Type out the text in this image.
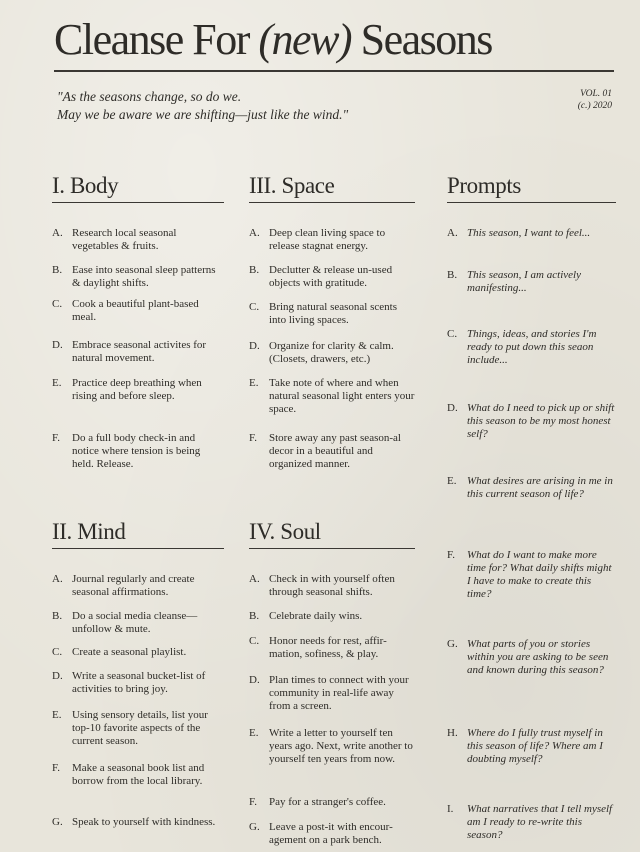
Cleanse For (new) Seasons
"As the seasons change, so do we.
May we be aware we are shifting—just like the wind."
VOL. 01
(c.) 2020
I. Body
A. Research local seasonal vegetables & fruits.
B. Ease into seasonal sleep patterns & daylight shifts.
C. Cook a beautiful plant-based meal.
D. Embrace seasonal activites for natural movement.
E. Practice deep breathing when rising and before sleep.
F.	Do a full body check-in and notice where tension is being held. Release.
III. Space
A. Deep clean living space to release stagnat energy.
B. Declutter & release un-used objects with gratitude.
C. Bring natural seasonal scents into living spaces.
D. Organize for clarity & calm. (Closets, drawers, etc.)
E. Take note of where and when natural seasonal light enters your space.
F.	Store away any past season-al decor in a beautiful and organized manner.
Prompts
A. This season, I want to feel...
B. This season, I am actively manifesting...
C. Things, ideas, and stories I'm ready to put down this seaon include...
D. What do I need to pick up or shift this season to be my most honest self?
E. What desires are arising in me in this current season of life?
F.	What do I want to make more time for? What daily shifts might I have to make to create this time?
G. What parts of you or stories within you are asking to be seen and known during this season?
H. Where do I fully trust myself in this season of life? Where am I doubting myself?
I.	What narratives that I tell myself am I ready to re-write this season?
II. Mind
A. Journal regularly and create seasonal affirmations.
B. Do a social media cleanse—unfollow & mute.
C. Create a seasonal playlist.
D. Write a seasonal bucket-list of activities to bring joy.
E. Using sensory details, list your top-10 favorite aspects of the current season.
F.	Make a seasonal book list and borrow from the local library.
G. Speak to yourself with kindness.
IV. Soul
A. Check in with yourself often through seasonal shifts.
B. Celebrate daily wins.
C. Honor needs for rest, affir-mation, sofiness, & play.
D. Plan times to connect with your community in real-life away from a screen.
E. Write a letter to yourself ten years ago. Next, write another to yourself ten years from now.
F.	Pay for a stranger's coffee.
G. Leave a post-it with encour-agement on a park bench.
